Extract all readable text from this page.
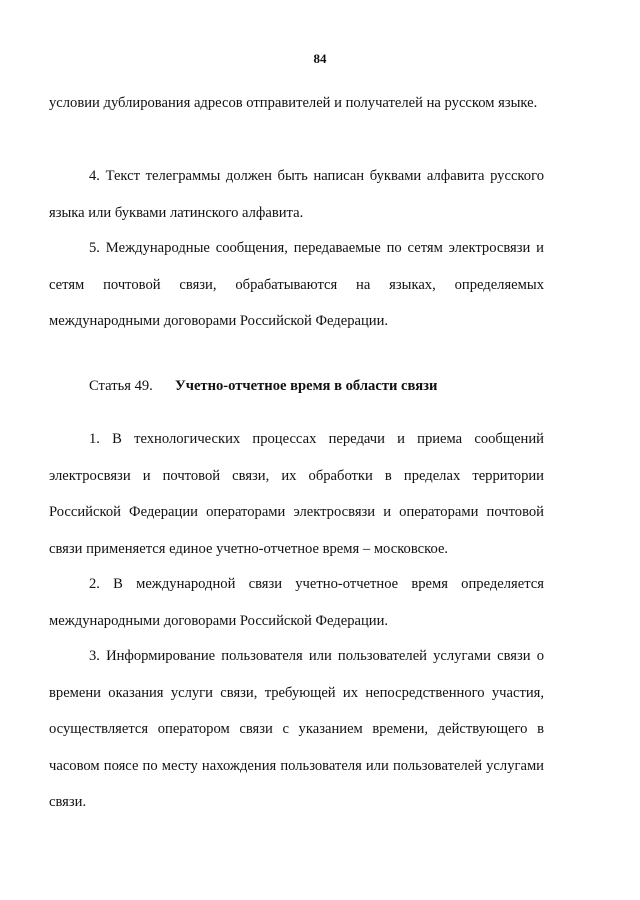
84

условии дублирования адресов отправителей и получателей на русском языке.

4. Текст телеграммы должен быть написан буквами алфавита русского языка или буквами латинского алфавита.

5. Международные сообщения, передаваемые по сетям электросвязи и сетям почтовой связи, обрабатываются на языках, определяемых международными договорами Российской Федерации.

Статья 49. Учетно-отчетное время в области связи

1. В технологических процессах передачи и приема сообщений электросвязи и почтовой связи, их обработки в пределах территории Российской Федерации операторами электросвязи и операторами почтовой связи применяется единое учетно-отчетное время – московское.

2. В международной связи учетно-отчетное время определяется международными договорами Российской Федерации.

3. Информирование пользователя или пользователей услугами связи о времени оказания услуги связи, требующей их непосредственного участия, осуществляется оператором связи с указанием времени, действующего в часовом поясе по месту нахождения пользователя или пользователей услугами связи.
